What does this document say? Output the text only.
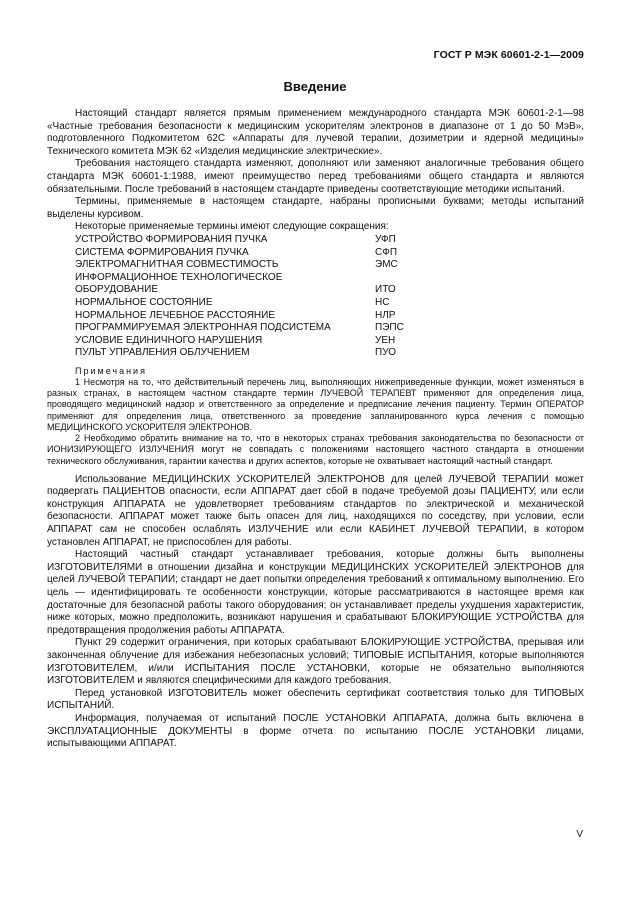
ГОСТ Р МЭК 60601-2-1—2009
Введение

Настоящий стандарт является прямым применением международного стандарта МЭК 60601-2-1—98 «Частные требования безопасности к медицинским ускорителям электронов в диапазоне от 1 до 50 МэВ», подготовленного Подкомитетом 62С «Аппараты для лучевой терапии, дозиметрии и ядерной медицины» Технического комитета МЭК 62 «Изделия медицинские электрические».

Требования настоящего стандарта изменяют, дополняют или заменяют аналогичные требования общего стандарта МЭК 60601-1:1988, имеют преимущество перед требованиями общего стандарта и являются обязательными. После требований в настоящем стандарте приведены соответствующие методики испытаний.

Термины, применяемые в настоящем стандарте, набраны прописными буквами; методы испытаний выделены курсивом.

Некоторые применяемые термины имеют следующие сокращения:

УСТРОЙСТВО ФОРМИРОВАНИЯ ПУЧКА	УФП
СИСТЕМА ФОРМИРОВАНИЯ ПУЧКА	СФП
ЭЛЕКТРОМАГНИТНАЯ СОВМЕСТИМОСТЬ	ЭМС
ИНФОРМАЦИОННОЕ ТЕХНОЛОГИЧЕСКОЕ
ОБОРУДОВАНИЕ	ИТО
НОРМАЛЬНОЕ СОСТОЯНИЕ	НС
НОРМАЛЬНОЕ ЛЕЧЕБНОЕ РАССТОЯНИЕ	НЛР
ПРОГРАММИРУЕМАЯ ЭЛЕКТРОННАЯ ПОДСИСТЕМА	ПЭПС
УСЛОВИЕ ЕДИНИЧНОГО НАРУШЕНИЯ	УЕН
ПУЛЬТ УПРАВЛЕНИЯ ОБЛУЧЕНИЕМ	ПУО
Примечания

1 Несмотря на то, что действительный перечень лиц, выполняющих нижеприведенные функции, может изменяться в разных странах, в настоящем частном стандарте термин ЛУЧЕВОЙ ТЕРАПЕВТ применяют для определения лица, проводящего медицинский надзор и ответственного за определение и предписание лечения пациенту. Термин ОПЕРАТОР применяют для определения лица, ответственного за проведение запланированного курса лечения с помощью МЕДИЦИНСКОГО УСКОРИТЕЛЯ ЭЛЕКТРОНОВ.

2 Необходимо обратить внимание на то, что в некоторых странах требования законодательства по безопасности от ИОНИЗИРУЮЩЕГО ИЗЛУЧЕНИЯ могут не совпадать с положениями настоящего частного стандарта в отношении технического обслуживания, гарантии качества и других аспектов, которые не охватывает настоящий частный стандарт.

Использование МЕДИЦИНСКИХ УСКОРИТЕЛЕЙ ЭЛЕКТРОНОВ для целей ЛУЧЕВОЙ ТЕРАПИИ может подвергать ПАЦИЕНТОВ опасности, если АППАРАТ дает сбой в подаче требуемой дозы ПАЦИЕНТУ, или если конструкция АППАРАТА не удовлетворяет требованиям стандартов по электрической и механической безопасности. АППАРАТ может также быть опасен для лиц, находящихся по соседству, при условии, если АППАРАТ сам не способен ослаблять ИЗЛУЧЕНИЕ или если КАБИНЕТ ЛУЧЕВОЙ ТЕРАПИИ, в котором установлен АППАРАТ, не приспособлен для работы.

Настоящий частный стандарт устанавливает требования, которые должны быть выполнены ИЗГОТОВИТЕЛЯМИ в отношении дизайна и конструкции МЕДИЦИНСКИХ УСКОРИТЕЛЕЙ ЭЛЕКТРОНОВ для целей ЛУЧЕВОЙ ТЕРАПИИ; стандарт не дает попытки определения требований к оптимальному выполнению. Его цель — идентифицировать те особенности конструкции, которые рассматриваются в настоящее время как достаточные для безопасной работы такого оборудования; он устанавливает пределы ухудшения характеристик, ниже которых, можно предположить, возникают нарушения и срабатывают БЛОКИРУЮЩИЕ УСТРОЙСТВА для предотвращения продолжения работы АППАРАТА.

Пункт 29 содержит ограничения, при которых срабатывают БЛОКИРУЮЩИЕ УСТРОЙСТВА, прерывая или законченная облучение для избежания небезопасных условий; ТИПОВЫЕ ИСПЫТАНИЯ, которые выполняются ИЗГОТОВИТЕЛЕМ, и/или ИСПЫТАНИЯ ПОСЛЕ УСТАНОВКИ, которые не обязательно выполняются ИЗГОТОВИТЕЛЕМ и являются специфическими для каждого требования.

Перед установкой ИЗГОТОВИТЕЛЬ может обеспечить сертификат соответствия только для ТИПОВЫХ ИСПЫТАНИЙ.

Информация, получаемая от испытаний ПОСЛЕ УСТАНОВКИ АППАРАТА, должна быть включена в ЭКСПЛУАТАЦИОННЫЕ ДОКУМЕНТЫ в форме отчета по испытанию ПОСЛЕ УСТАНОВКИ лицами, испытывающими АППАРАТ.

V
